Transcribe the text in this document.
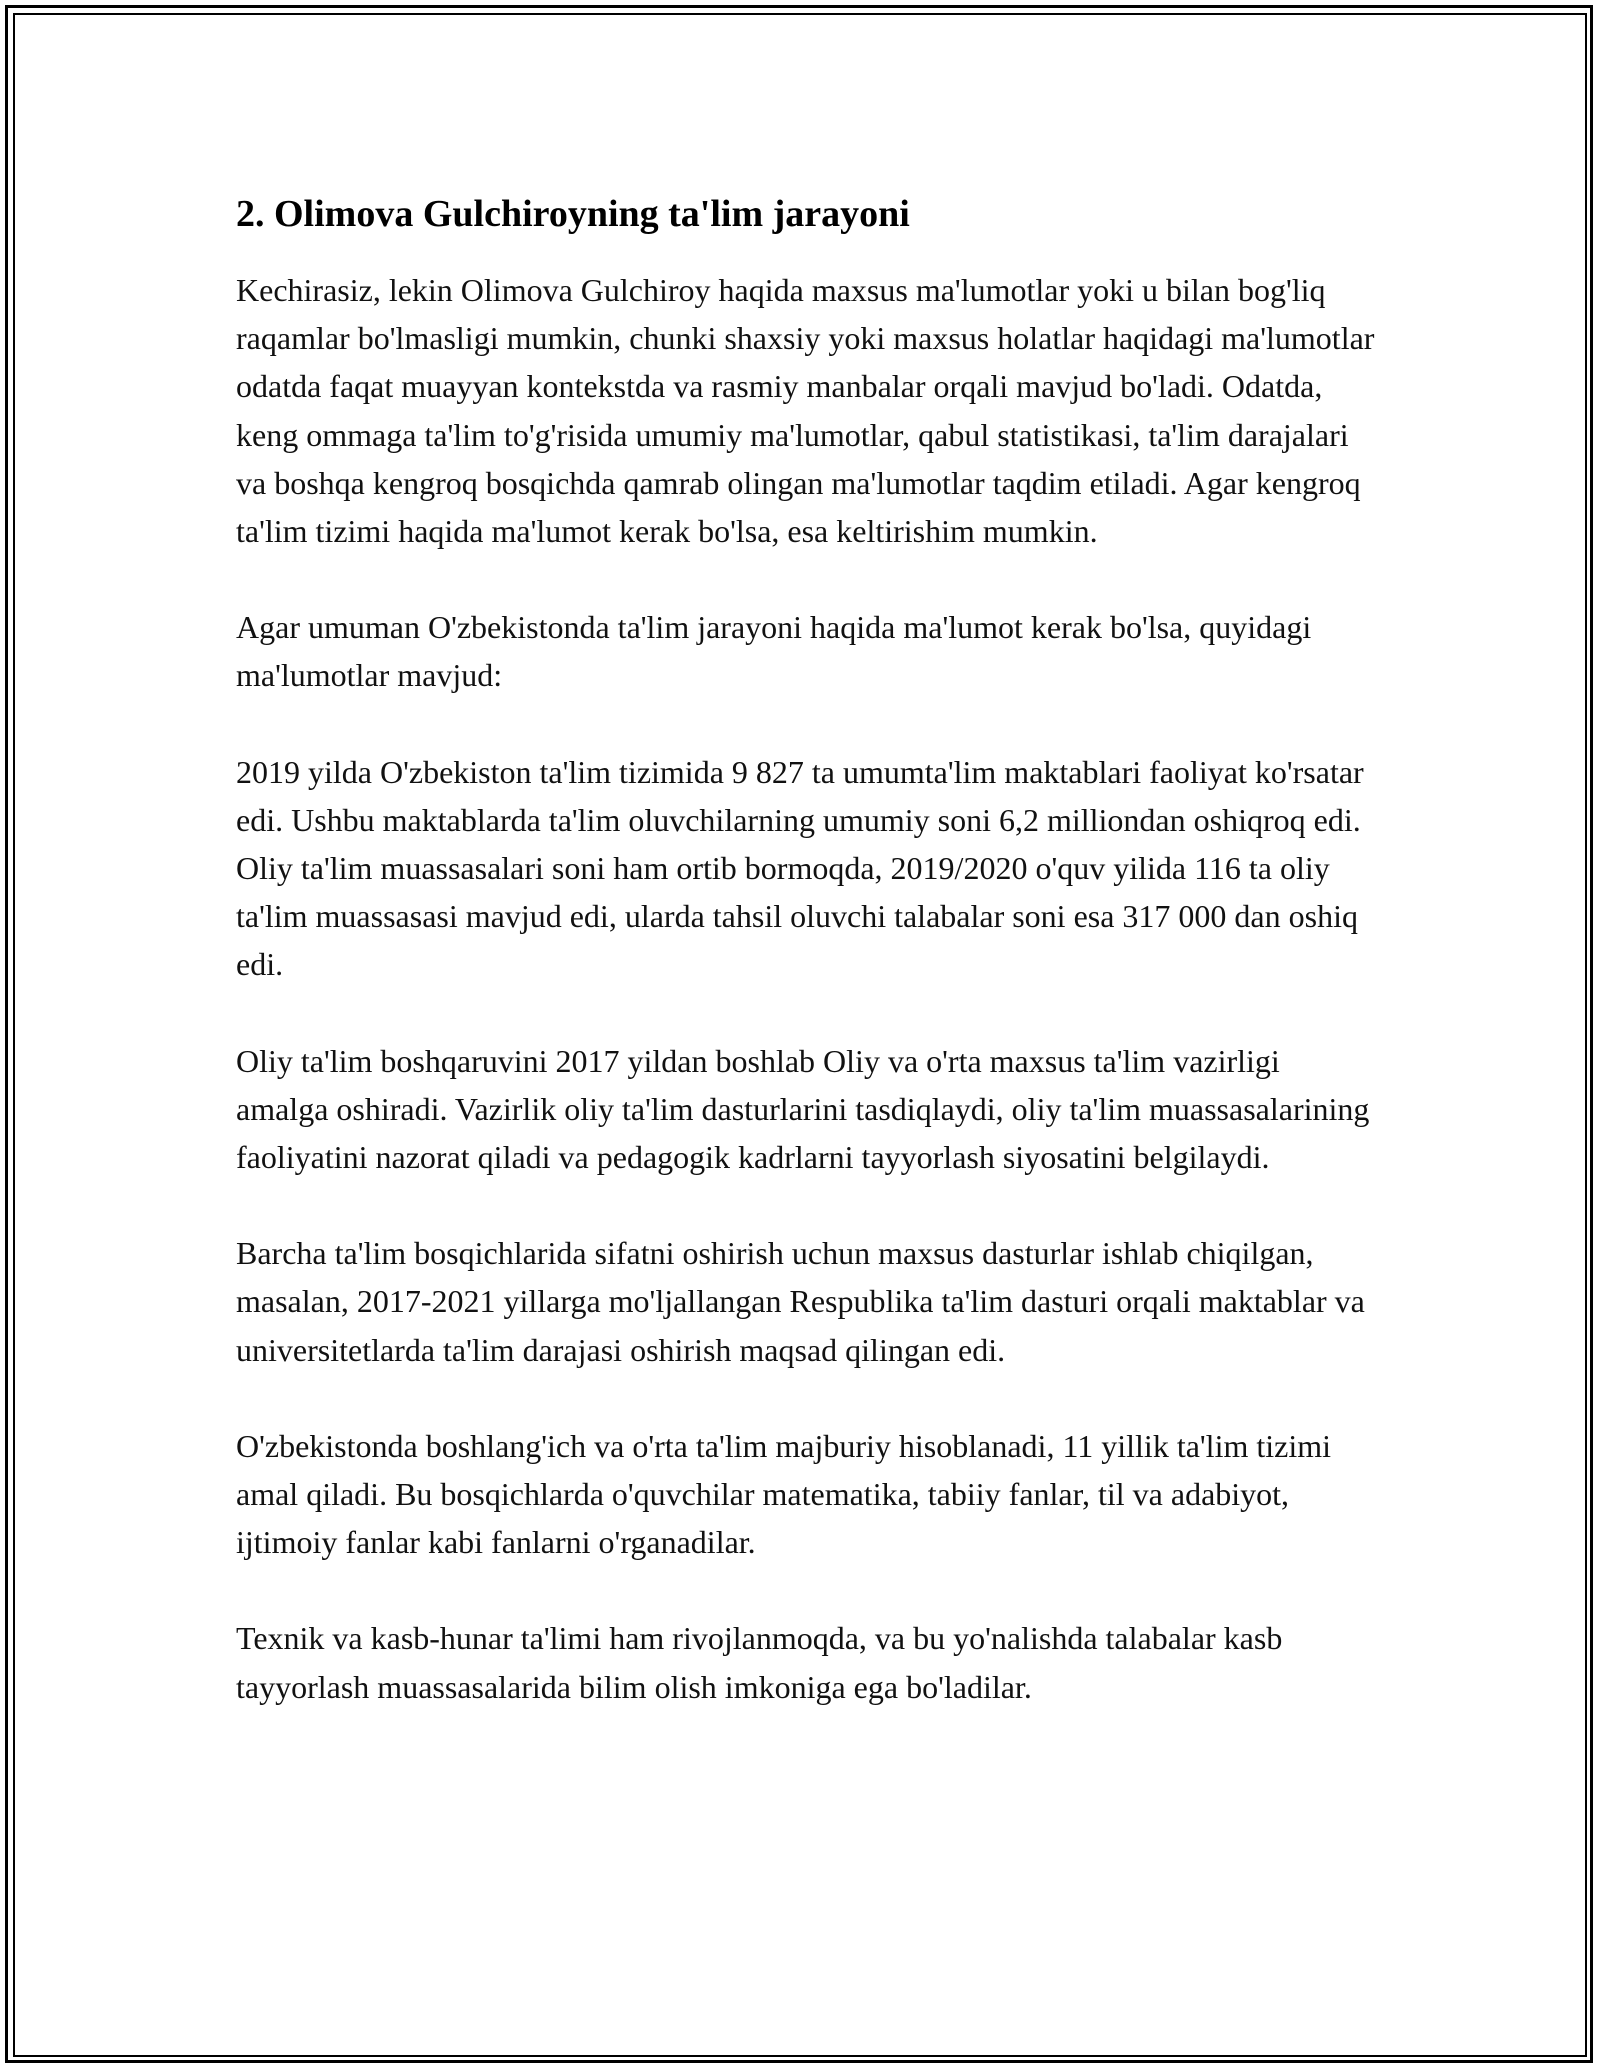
2. Olimova Gulchiroyning ta'lim jarayoni

Kechirasiz, lekin Olimova Gulchiroy haqida maxsus ma'lumotlar yoki u bilan bog'liq raqamlar bo'lmasligi mumkin, chunki shaxsiy yoki maxsus holatlar haqidagi ma'lumotlar odatda faqat muayyan kontekstda va rasmiy manbalar orqali mavjud bo'ladi. Odatda, keng ommaga ta'lim to'g'risida umumiy ma'lumotlar, qabul statistikasi, ta'lim darajalari va boshqa kengroq bosqichda qamrab olingan ma'lumotlar taqdim etiladi. Agar kengroq ta'lim tizimi haqida ma'lumot kerak bo'lsa, esa keltirishim mumkin.

Agar umuman O'zbekistonda ta'lim jarayoni haqida ma'lumot kerak bo'lsa, quyidagi ma'lumotlar mavjud:

2019 yilda O'zbekiston ta'lim tizimida 9 827 ta umumta'lim maktablari faoliyat ko'rsatar edi. Ushbu maktablarda ta'lim oluvchilarning umumiy soni 6,2 milliondan oshiqroq edi. Oliy ta'lim muassasalari soni ham ortib bormoqda, 2019/2020 o'quv yilida 116 ta oliy ta'lim muassasasi mavjud edi, ularda tahsil oluvchi talabalar soni esa 317 000 dan oshiq edi.

Oliy ta'lim boshqaruvini 2017 yildan boshlab Oliy va o'rta maxsus ta'lim vazirligi amalga oshiradi. Vazirlik oliy ta'lim dasturlarini tasdiqlaydi, oliy ta'lim muassasalarining faoliyatini nazorat qiladi va pedagogik kadrlarni tayyorlash siyosatini belgilaydi.

Barcha ta'lim bosqichlarida sifatni oshirish uchun maxsus dasturlar ishlab chiqilgan, masalan, 2017-2021 yillarga mo'ljallangan Respublika ta'lim dasturi orqali maktablar va universitetlarda ta'lim darajasi oshirish maqsad qilingan edi.

O'zbekistonda boshlang'ich va o'rta ta'lim majburiy hisoblanadi, 11 yillik ta'lim tizimi amal qiladi. Bu bosqichlarda o'quvchilar matematika, tabiiy fanlar, til va adabiyot, ijtimoiy fanlar kabi fanlarni o'rganadilar.

Texnik va kasb-hunar ta'limi ham rivojlanmoqda, va bu yo'nalishda talabalar kasb tayyorlash muassasalarida bilim olish imkoniga ega bo'ladilar.
